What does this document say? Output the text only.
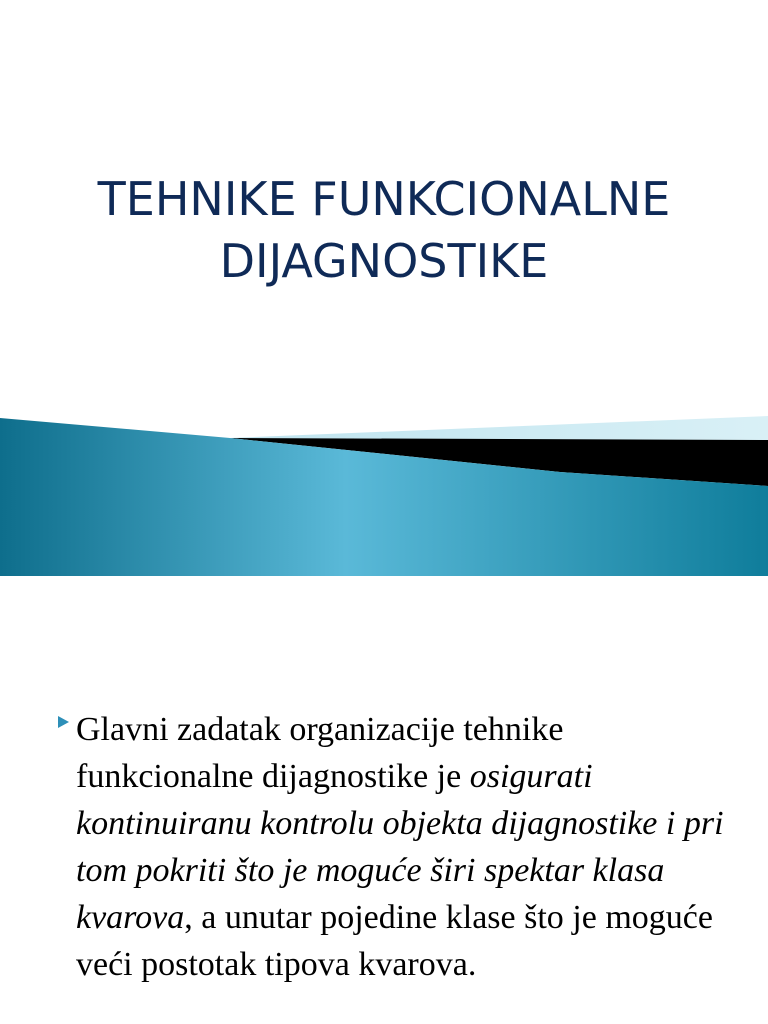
TEHNIKE FUNKCIONALNE
DIJAGNOSTIKE

Glavni zadatak organizacije tehnike funkcionalne dijagnostike je osigurati kontinuiranu kontrolu objekta dijagnostike i pri tom pokriti što je moguće širi spektar klasa kvarova, a unutar pojedine klase što je moguće veći postotak tipova kvarova.
